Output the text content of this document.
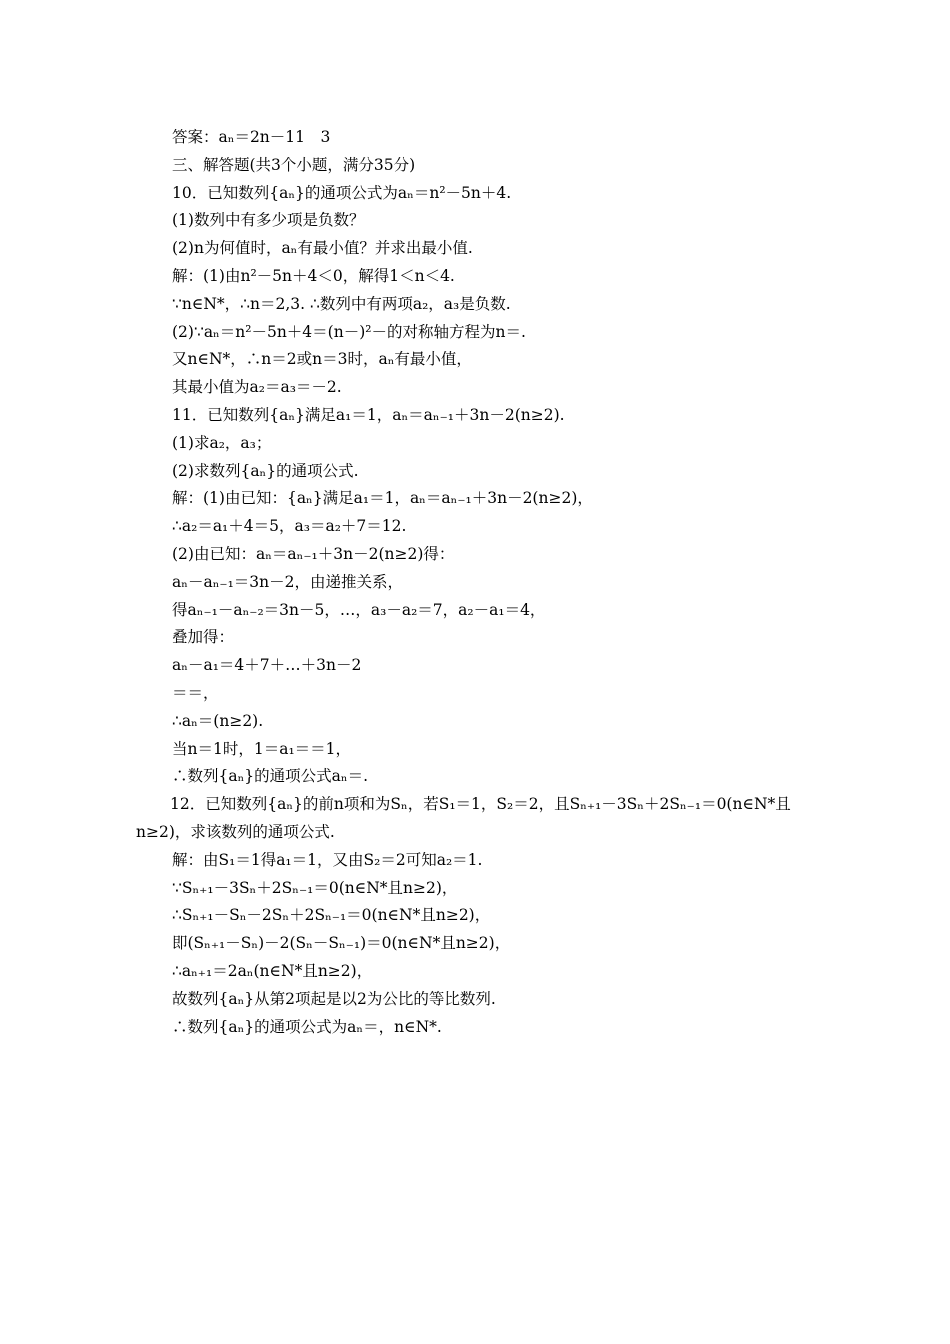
答案：aₙ＝2n－11　3
三、解答题(共3个小题，满分35分)
10．已知数列{aₙ}的通项公式为aₙ＝n²－5n＋4.
(1)数列中有多少项是负数？
(2)n为何值时，aₙ有最小值？并求出最小值.
解：(1)由n²－5n＋4＜0，解得1＜n＜4.
∵n∈N*，∴n＝2,3. ∴数列中有两项a₂，a₃是负数.
(2)∵aₙ＝n²－5n＋4＝(n－)²－的对称轴方程为n＝.
又n∈N*，∴n＝2或n＝3时，aₙ有最小值，
其最小值为a₂＝a₃＝－2.
11．已知数列{aₙ}满足a₁＝1，aₙ＝aₙ₋₁＋3n－2(n≥2).
(1)求a₂，a₃；
(2)求数列{aₙ}的通项公式.
解：(1)由已知：{aₙ}满足a₁＝1，aₙ＝aₙ₋₁＋3n－2(n≥2)，
∴a₂＝a₁＋4＝5，a₃＝a₂＋7＝12.
(2)由已知：aₙ＝aₙ₋₁＋3n－2(n≥2)得：
aₙ－aₙ₋₁＝3n－2，由递推关系，
得aₙ₋₁－aₙ₋₂＝3n－5，…，a₃－a₂＝7，a₂－a₁＝4，
叠加得：
aₙ－a₁＝4＋7＋…＋3n－2
＝＝，
∴aₙ＝(n≥2).
当n＝1时，1＝a₁＝＝1，
∴数列{aₙ}的通项公式aₙ＝.
12．已知数列{aₙ}的前n项和为Sₙ，若S₁＝1，S₂＝2，且Sₙ₊₁－3Sₙ＋2Sₙ₋₁＝0(n∈N*且
n≥2)，求该数列的通项公式.
解：由S₁＝1得a₁＝1，又由S₂＝2可知a₂＝1.
∵Sₙ₊₁－3Sₙ＋2Sₙ₋₁＝0(n∈N*且n≥2)，
∴Sₙ₊₁－Sₙ－2Sₙ＋2Sₙ₋₁＝0(n∈N*且n≥2)，
即(Sₙ₊₁－Sₙ)－2(Sₙ－Sₙ₋₁)＝0(n∈N*且n≥2)，
∴aₙ₊₁＝2aₙ(n∈N*且n≥2)，
故数列{aₙ}从第2项起是以2为公比的等比数列.
∴数列{aₙ}的通项公式为aₙ＝，n∈N*.
